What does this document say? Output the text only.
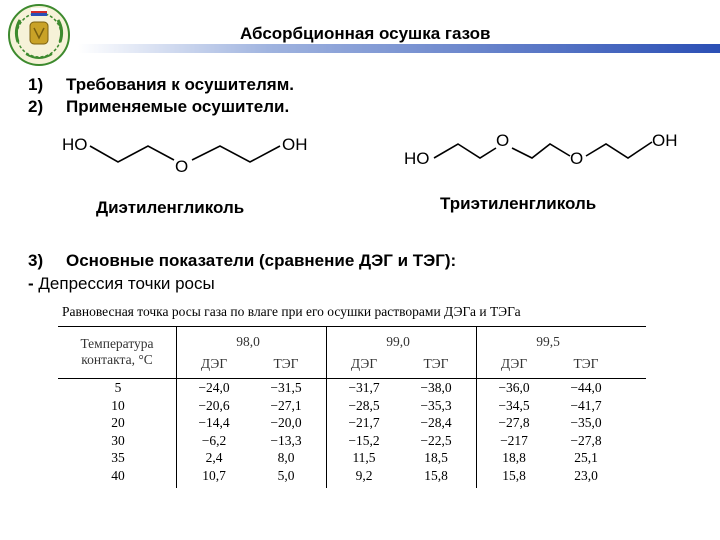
Абсорбционная осушка газов
1) Требования к осушителям.
2) Применяемые осушители.
HO
O
OH
Диэтиленгликоль
HO
O
O
OH
Триэтиленгликоль
3) Основные показатели (сравнение ДЭГ и ТЭГ):
- Депрессия точки росы
Равновесная точка росы газа по влаге при его осушки растворами ДЭГа и ТЭГа
Температура
контакта, °С
98,0	99,0	99,5
ДЭГ	ТЭГ	ДЭГ	ТЭГ	ДЭГ	ТЭГ
5	−24,0	−31,5	−31,7	−38,0	−36,0	−44,0
10	−20,6	−27,1	−28,5	−35,3	−34,5	−41,7
20	−14,4	−20,0	−21,7	−28,4	−27,8	−35,0
30	−6,2	−13,3	−15,2	−22,5	−217	−27,8
35	2,4	8,0	11,5	18,5	18,8	25,1
40	10,7	5,0	9,2	15,8	15,8	23,0
